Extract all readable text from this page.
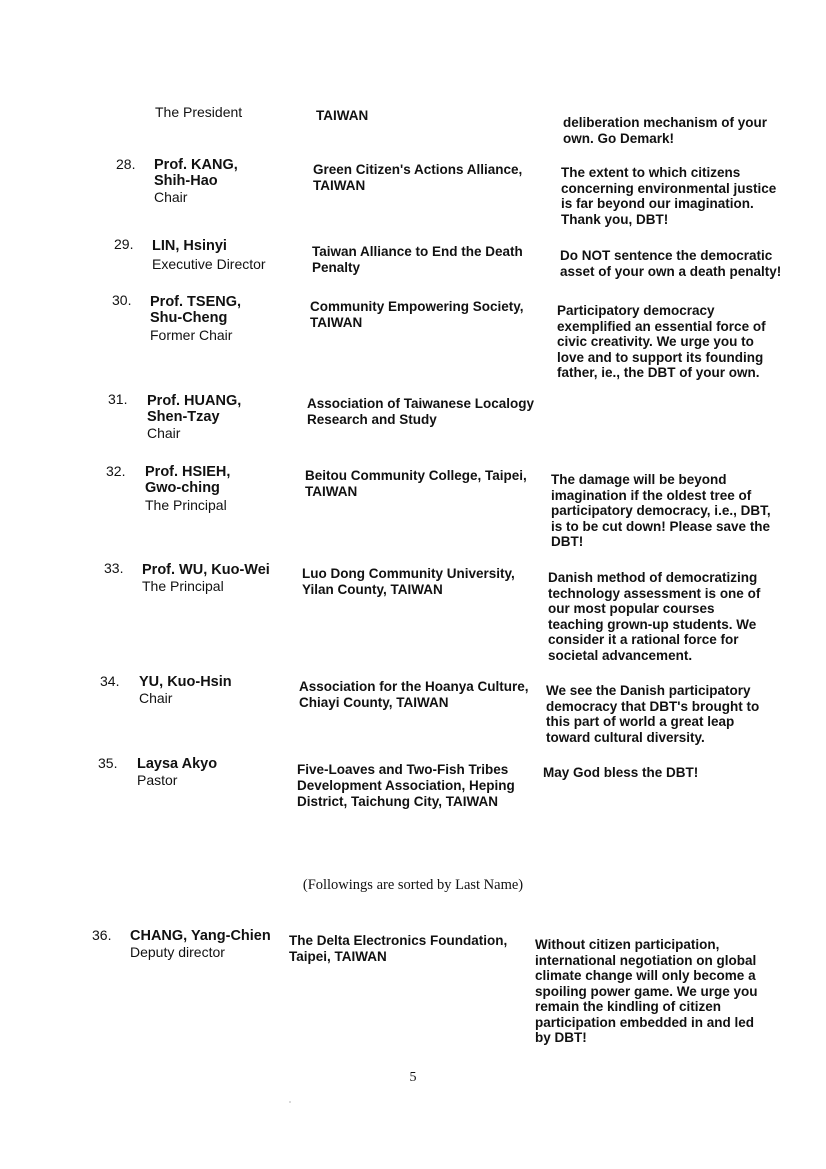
The President	TAIWAN	deliberation mechanism of your own. Go Demark!
28. Prof. KANG,
Shih-Hao
Chair
Green Citizen's Actions Alliance, TAIWAN
The extent to which citizens concerning environmental justice is far beyond our imagination. Thank you, DBT!
29. LIN, Hsinyi
Executive Director
Taiwan Alliance to End the Death Penalty
Do NOT sentence the democratic asset of your own a death penalty!
30. Prof. TSENG,
Shu-Cheng
Former Chair
Community Empowering Society, TAIWAN
Participatory democracy exemplified an essential force of civic creativity. We urge you to love and to support its founding father, ie., the DBT of your own.
31. Prof. HUANG,
Shen-Tzay
Chair
Association of Taiwanese Localogy Research and Study
32. Prof. HSIEH,
Gwo-ching
The Principal
Beitou Community College, Taipei, TAIWAN
The damage will be beyond imagination if the oldest tree of participatory democracy, i.e., DBT, is to be cut down! Please save the DBT!
33. Prof. WU, Kuo-Wei
The Principal
Luo Dong Community University, Yilan County, TAIWAN
Danish method of democratizing technology assessment is one of our most popular courses teaching grown-up students. We consider it a rational force for societal advancement.
34. YU, Kuo-Hsin
Chair
Association for the Hoanya Culture, Chiayi County, TAIWAN
We see the Danish participatory democracy that DBT's brought to this part of world a great leap toward cultural diversity.
35. Laysa Akyo
Pastor
Five-Loaves and Two-Fish Tribes Development Association, Heping District, Taichung City, TAIWAN
May God bless the DBT!
(Followings are sorted by Last Name)
36. CHANG, Yang-Chien
Deputy director
The Delta Electronics Foundation, Taipei, TAIWAN
Without citizen participation, international negotiation on global climate change will only become a spoiling power game. We urge you remain the kindling of citizen participation embedded in and led by DBT!
5
